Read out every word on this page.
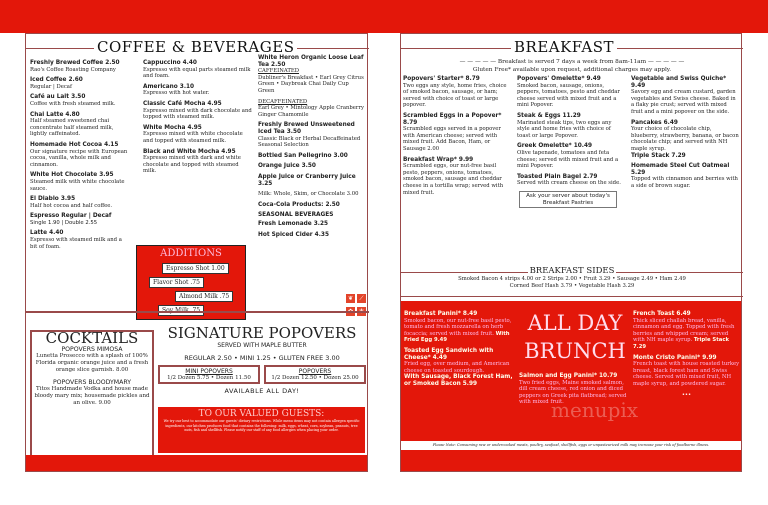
COFFEE & BEVERAGES
Freshly Brewed Coffee 2.50
Rao's Coffee Roasting Company
Iced Coffee 2.60
Regular | Decaf
Café au Lait 3.50
Coffee with fresh steamed milk.
Chai Latte 4.80
Half steamed sweetened chai concentrate half steamed milk, lightly caffeinated.
Homemade Hot Cocoa 4.15
Our signature recipe with European cocoa, vanilla, whole milk and cinnamon.
White Hot Chocolate 3.95
Steamed milk with white chocolate sauce.
El Diablo 3.95
Half hot cocoa and half coffee.
Espresso Regular | Decaf
Single 1.90 | Double 2.55
Latte 4.40
Espresso with steamed milk and a bit of foam.
Cappuccino 4.40
Espresso with equal parts steamed milk and foam.
Americano 3.10
Espresso with hot water.
Classic Café Mocha 4.95
Espresso mixed with dark chocolate and topped with steamed milk.
White Mocha 4.95
Espresso mixed with white chocolate and topped with steamed milk.
Black and White Mocha 4.95
Espresso mixed with dark and white chocolate and topped with steamed milk.
ADDITIONS
Espresso Shot 1.00
Flavor Shot .75
Almond Milk .75
White Heron Organic Loose Leaf Tea 2.50
CAFFEINATED
Dubliner's Breakfast • Earl Grey Citrus Green • Daybreak Chai Daily Cup Green
DECAFFEINATED
Earl Grey • Mintology Apple Cranberry Ginger Chamomile
Freshly Brewed Unsweetened Iced Tea 3.50
Classic Black or Herbal Decaffeinated Seasonal Selection
Bottled San Pellegrino 3.00
Orange Juice 3.50
Apple Juice or Cranberry Juice 3.25
Milk: Whole, Skim, or Chocolate 3.00
Coca-Cola Products: 2.50
SEASONAL BEVERAGES
Fresh Lemonade 3.25
Hot Spiced Cider 4.35
❦	⟋
COCKTAILS
POPOVERS MIMOSA
Lunetta Prosecco with a splash of 100% Florida organic orange juice and a fresh orange slice garnish. 8.00
POPOVERS BLOODYMARY
Titos Handmade Vodka and house made bloody mary mix; housemade pickles and an olive. 9.00
SIGNATURE POPOVERS
SERVED WITH MAPLE BUTTER
REGULAR 2.50 • MINI 1.25 • GLUTEN FREE 3.00
MINI POPOVERS
1/2 Dozen 5.75 • Dozen 11.50
POPOVERS
1/2 Dozen 12.50 • Dozen 25.00
AVAILABLE ALL DAY!
TO OUR VALUED GUESTS:
We try our best to accommodate our guests' dietary restrictions. While menu items may not contain allergen specific ingredients, our kitchen produces food that contains the following: milk, eggs, wheat, corn, soybean, peanuts, tree nuts, fish and shellfish. Please notify our staff of any food allergies when placing your order.
BREAKFAST
— — — — — Breakfast is served 7 days a week from 8am-11am — — — — —
Gluten Free* available upon request, additional charges may apply.
Popovers' Starter* 8.79
Two eggs any style, home fries, choice of smoked bacon, sausage, or ham; served with choice of toast or large popover.
Scrambled Eggs in a Popover* 8.79
Scrambled eggs served in a popover with American cheese; served with mixed fruit. Add Bacon, Ham, or Sausage 2.00
Breakfast Wrap* 9.99
Scrambled eggs, our nut-free basil pesto, peppers, onions, tomatoes, smoked bacon, sausage and cheddar cheese in a tortilla wrap; served with mixed fruit.
Popovers' Omelette* 9.49
Smoked bacon, sausage, onions, peppers, tomatoes, pesto and cheddar cheese served with mixed fruit and a mini Popover.
Steak & Eggs 11.29
Marinated steak tips, two eggs any style and home fries with choice of toast or large Popover.
Greek Omelette* 10.49
Olive tapenade, tomatoes and feta cheese; served with mixed fruit and a mini Popover.
Toasted Plain Bagel 2.79
Served with cream cheese on the side.
Ask your server about today's Breakfast Pastries
Vegetable and Swiss Quiche* 9.49
Savory egg and cream custard, garden vegetables and Swiss cheese. Baked in a flaky pie crust; served with mixed fruit and a mini popover on the side.
Pancakes 6.49
Your choice of chocolate chip, blueberry, strawberry, banana, or bacon chocolate chip; and served with NH maple syrup.
Triple Stack 7.29
Homemade Steel Cut Oatmeal 5.29
Topped with cinnamon and berries with a side of brown sugar.
BREAKFAST SIDES
Smoked Bacon 4 strips 4.00 or 2 Strips 2.00 • Fruit 3.29 • Sausage 2.49 • Ham 2.49
Corned Beef Hash 3.79 • Vegetable Hash 3.29
Breakfast Panini* 8.49
Smoked bacon, our nut-free basil pesto, tomato and fresh mozzarella on herb focaccia; served with mixed fruit. With Fried Egg 9.49
Toasted Egg Sandwich with Cheese* 4.49
Fried egg, over medium, and American cheese on toasted sourdough.
With Sausage, Black Forest Ham, or Smoked Bacon 5.99
ALL DAY
BRUNCH
Salmon and Egg Panini* 10.79
Two fried eggs, Maine smoked salmon, dill cream cheese, red onion and diced peppers on Greek pita flatbread; served with mixed fruit.
menupix
French Toast 6.49
Thick sliced challah bread, vanilla, cinnamon and egg. Topped with fresh berries and whipped cream; served with NH maple syrup. Triple Stack 7.29
Monte Cristo Panini* 9.99
French toast with house roasted turkey breast, black forest ham and Swiss cheese. Served with mixed fruit, NH maple syrup, and powdered sugar.
•••
Please Note: Consuming raw or undercooked meats, poultry, seafood, shellfish, eggs or unpasteurized milk may increase your risk of foodborne illness.
